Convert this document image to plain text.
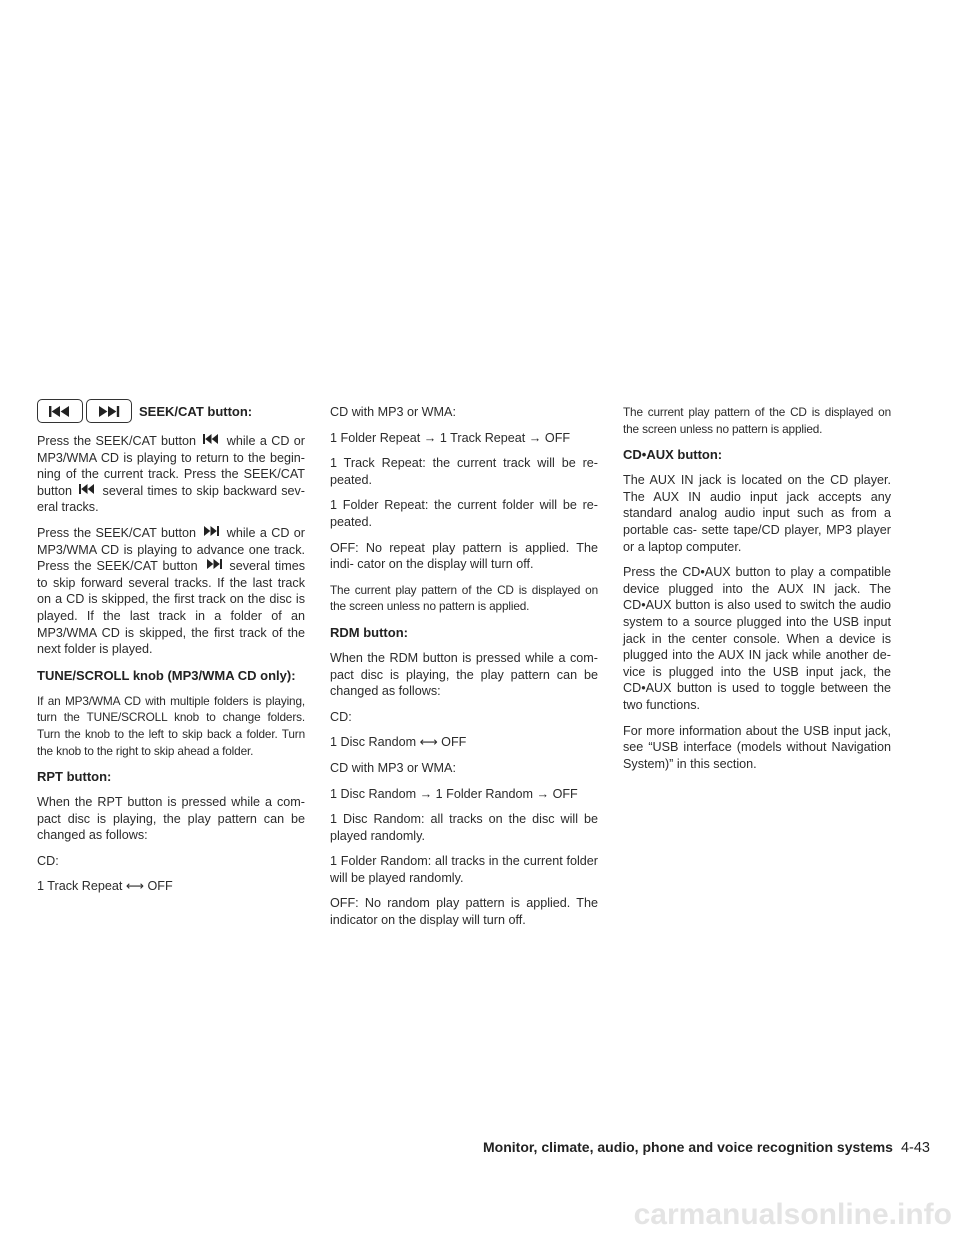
SEEK/CAT button:

Press the SEEK/CAT button while a CD or MP3/WMA CD is playing to return to the begin- ning of the current track. Press the SEEK/CAT button several times to skip backward sev- eral tracks.

Press the SEEK/CAT button while a CD or MP3/WMA CD is playing to advance one track. Press the SEEK/CAT button	several times to skip forward several tracks. If the last track on a CD is skipped, the first track on the disc is played. If the last track in a folder of an MP3/WMA CD is skipped, the first track of the next folder is played.

TUNE/SCROLL knob (MP3/WMA CD only):

If an MP3/WMA CD with multiple folders is playing, turn the TUNE/SCROLL knob to change folders. Turn the knob to the left to skip back a folder. Turn the knob to the right to skip ahead a folder.

RPT button:

When the RPT button is pressed while a com- pact disc is playing, the play pattern can be changed as follows:

CD:

1 Track Repeat ⟷ OFF

CD with MP3 or WMA:

1 Folder Repeat → 1 Track Repeat → OFF

1 Track Repeat: the current track will be re- peated.

1 Folder Repeat: the current folder will be re- peated.

OFF: No repeat play pattern is applied. The indi- cator on the display will turn off.

The current play pattern of the CD is displayed on the screen unless no pattern is applied.

RDM button:

When the RDM button is pressed while a com- pact disc is playing, the play pattern can be changed as follows:

CD:

1 Disc Random ⟷ OFF

CD with MP3 or WMA:

1 Disc Random → 1 Folder Random → OFF

1 Disc Random: all tracks on the disc will be played randomly.

1 Folder Random: all tracks in the current folder will be played randomly.

OFF: No random play pattern is applied. The indicator on the display will turn off.

The current play pattern of the CD is displayed on the screen unless no pattern is applied.

CD•AUX button:

The AUX IN jack is located on the CD player. The AUX IN audio input jack accepts any standard analog audio input such as from a portable cas- sette tape/CD player, MP3 player or a laptop computer.

Press the CD•AUX button to play a compatible device plugged into the AUX IN jack. The CD•AUX button is also used to switch the audio system to a source plugged into the USB input jack in the center console. When a device is plugged into the AUX IN jack while another de- vice is plugged into the USB input jack, the CD•AUX button is used to toggle between the two functions.

For more information about the USB input jack, see “USB interface (models without Navigation System)” in this section.

Monitor, climate, audio, phone and voice recognition systems 4-43
carmanualsonline.info
